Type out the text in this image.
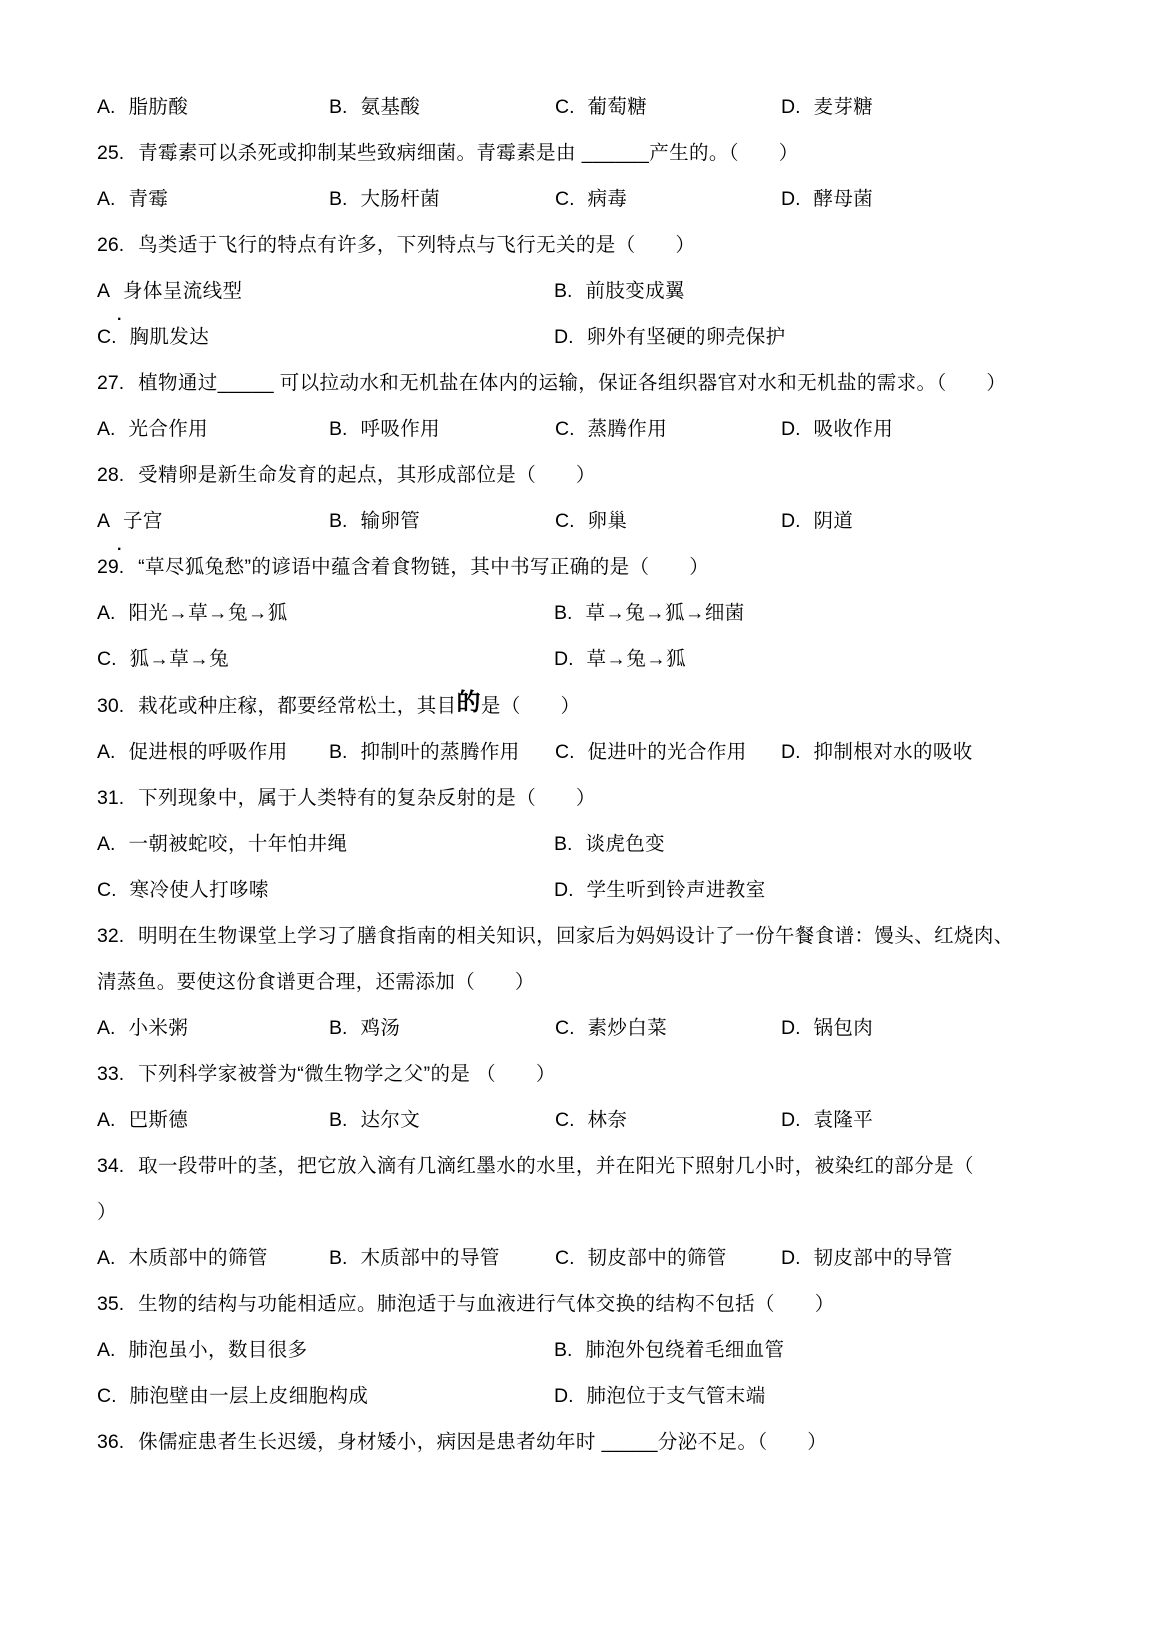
A. 脂肪酸	B. 氨基酸	C. 葡萄糖	D. 麦芽糖
25. 青霉素可以杀死或抑制某些致病细菌。青霉素是由 ______产生的。（　　）
A. 青霉	B. 大肠杆菌	C. 病毒	D. 酵母菌
26. 鸟类适于飞行的特点有许多，下列特点与飞行无关的是（　　）
A 身体呈流线型	B. 前肢变成翼
.
C. 胸肌发达	D. 卵外有坚硬的卵壳保护
27. 植物通过_____ 可以拉动水和无机盐在体内的运输，保证各组织器官对水和无机盐的需求。（　　）
A. 光合作用	B. 呼吸作用	C. 蒸腾作用	D. 吸收作用
28. 受精卵是新生命发育的起点，其形成部位是（　　）
A 子宫	B. 输卵管	C. 卵巢	D. 阴道
.
29. “草尽狐兔愁”的谚语中蕴含着食物链，其中书写正确的是（　　）
A. 阳光→草→兔→狐	B. 草→兔→狐→细菌
C. 狐→草→兔	D. 草→兔→狐
30. 栽花或种庄稼，都要经常松土，其目的是（　　）
A. 促进根的呼吸作用 B. 抑制叶的蒸腾作用 C. 促进叶的光合作用 D. 抑制根对水的吸收
31. 下列现象中，属于人类特有的复杂反射的是（　　）
A. 一朝被蛇咬，十年怕井绳	B. 谈虎色变
C. 寒冷使人打哆嗦	D. 学生听到铃声进教室
32. 明明在生物课堂上学习了膳食指南的相关知识，回家后为妈妈设计了一份午餐食谱：馒头、红烧肉、
清蒸鱼。要使这份食谱更合理，还需添加（　　）
A. 小米粥	B. 鸡汤	C. 素炒白菜	D. 锅包肉
33. 下列科学家被誉为“微生物学之父”的是 （　　）
A. 巴斯德	B. 达尔文	C. 林奈	D. 袁隆平
34. 取一段带叶的茎，把它放入滴有几滴红墨水的水里，并在阳光下照射几小时，被染红的部分是（
）
A. 木质部中的筛管	B. 木质部中的导管	C. 韧皮部中的筛管	D. 韧皮部中的导管
35. 生物的结构与功能相适应。肺泡适于与血液进行气体交换的结构不包括（　　）
A. 肺泡虽小，数目很多	B. 肺泡外包绕着毛细血管
C. 肺泡壁由一层上皮细胞构成	D. 肺泡位于支气管末端
36. 侏儒症患者生长迟缓，身材矮小，病因是患者幼年时 _____分泌不足。（　　）
